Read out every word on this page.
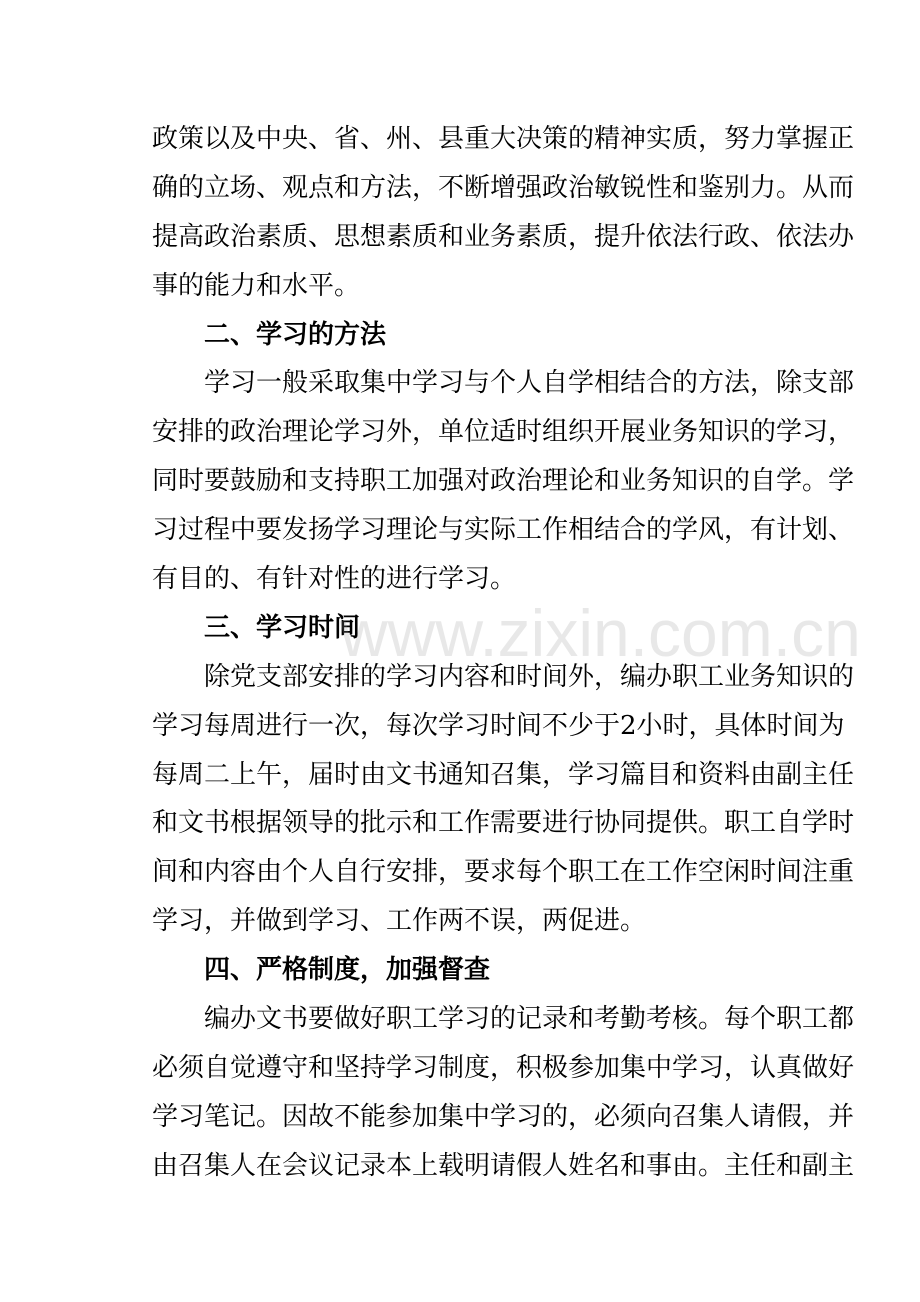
政策以及中央、省、州、县重大决策的精神实质，努力掌握正
确的立场、观点和方法，不断增强政治敏锐性和鉴别力。从而
提高政治素质、思想素质和业务素质，提升依法行政、依法办
事的能力和水平。
二、学习的方法
学习一般采取集中学习与个人自学相结合的方法，除支部
安排的政治理论学习外，单位适时组织开展业务知识的学习，
同时要鼓励和支持职工加强对政治理论和业务知识的自学。学
习过程中要发扬学习理论与实际工作相结合的学风，有计划、
有目的、有针对性的进行学习。
三、学习时间
除党支部安排的学习内容和时间外，编办职工业务知识的
学习每周进行一次，每次学习时间不少于2小时，具体时间为
每周二上午，届时由文书通知召集，学习篇目和资料由副主任
和文书根据领导的批示和工作需要进行协同提供。职工自学时
间和内容由个人自行安排，要求每个职工在工作空闲时间注重
学习，并做到学习、工作两不误，两促进。
四、严格制度，加强督查
编办文书要做好职工学习的记录和考勤考核。每个职工都
必须自觉遵守和坚持学习制度，积极参加集中学习，认真做好
学习笔记。因故不能参加集中学习的，必须向召集人请假，并
由召集人在会议记录本上载明请假人姓名和事由。主任和副主
www.zixin.com.cn
